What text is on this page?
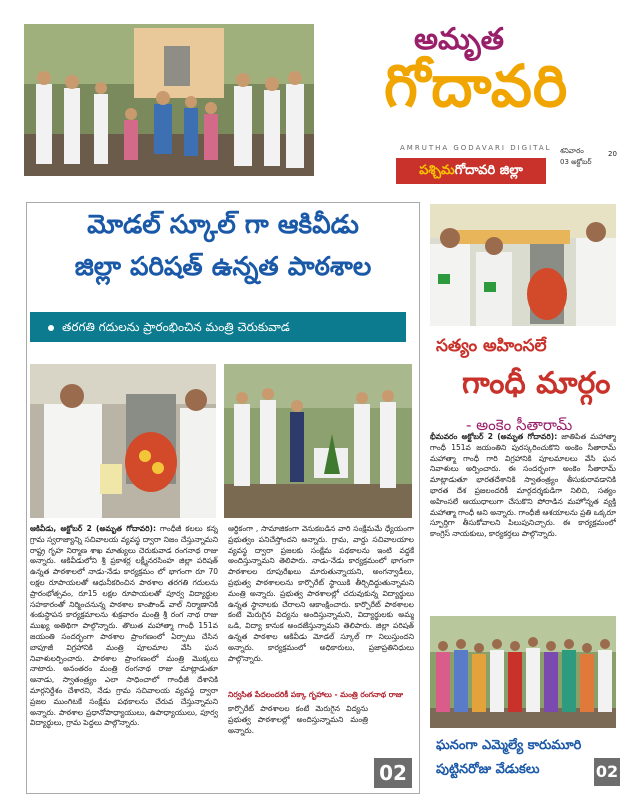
అమృత
గోదావరి
AMRUTHA GODAVARI DIGITAL
పశ్చిమగోదావరి జిల్లా
శనివారం
03 అక్టోబర్
20
మోడల్ స్కూల్ గా ఆకివీడు
జిల్లా పరిషత్ ఉన్నత పాఠశాల
తరగతి గదులను ప్రారంభించిన మంత్రి చెరుకువాడ
ఆకివీడు, అక్టోబర్ 2 (అమృత గోదావరి): గాంధీజీ కలలు కన్న గ్రామ స్వరాజ్యాన్ని సచివాలయ వ్యవస్థ ద్వారా నిజం చేస్తున్నామని రాష్ట్ర గృహ నిర్మాణ శాఖ మాత్యులు చెరుకువాడ రంగనాథ రాజు అన్నారు. ఆకివీడులోని శ్రీ ప్రకాశర్ల లక్ష్మీనరసింహ జిల్లా పరిషత్ ఉన్నత పాఠశాలలో నాడు-నేడు కార్యక్రమం లో భాగంగా రూ 70 లక్షల రూపాయలతో ఆధునీకరించిన పాఠశాల తరగతి గదులను ప్రారంభోత్సవం, రూ15 లక్షల రూపాయలతో పూర్వ విద్యార్థుల సహకారంతో నిర్మించనున్న పాఠశాల కాంపౌండ్ వాల్ నిర్మాణానికి శంకుస్థాపన కార్యక్రమాలను శుక్రవారం మంత్రి శ్రీ రంగ నాథ రాజు ముఖ్య అతిథిగా పాల్గొన్నారు. తొలుత మహాత్మా గాంధీ 151వ జయంతి సందర్భంగా పాఠశాల ప్రాంగణంలో ఏర్పాటు చేసిన బాపూజీ విగ్రహానికి మంత్రి పూలమాల వేసి ఘన నివాళులర్పించారు. పాఠశాల ప్రాంగణంలో మంత్రి మొక్కలు నాటారు. అనంతరం మంత్రి రంగనాథ రాజు మాట్లాడుతూ ఆనాడు, స్వాతంత్ర్యం ఎలా సాధించాలో గాంధీజీ దేశానికి మార్గనిర్దేశం చేశారని, నేడు గ్రామ సచివాలయ వ్యవస్థ ద్వారా ప్రజల ముంగిటకే సంక్షేమ పథకాలను చేరువ చేస్తున్నామని అన్నారు. పాఠశాల ప్రధానోపాధ్యాయులు, ఉపాధ్యాయులు, పూర్వ విద్యార్థులు, గ్రామ పెద్దలు పాల్గొన్నారు.
నిర్వసిత పేదలందరికీ పక్కా గృహాలు - మంత్రి రంగనాథ రాజు
ఆర్థికంగా , సామాజికంగా వెనుకబడిన వారి సంక్షేమమే ధ్యేయంగా ప్రభుత్వం పనిచేస్తోందని అన్నారు. గ్రామ, వార్డు సచివాలయాల వ్యవస్థ ద్వారా ప్రజలకు సంక్షేమ పథకాలను ఇంటి వద్దకే అందిస్తున్నామని తెలిపారు. నాడు-నేడు కార్యక్రమంలో భాగంగా పాఠశాలల రూపురేఖలు మారుతున్నాయని, అంగన్వాడీలు, ప్రభుత్వ పాఠశాలలను కార్పొరేట్ స్థాయికి తీర్చిదిద్దుతున్నామని మంత్రి అన్నారు. ప్రభుత్వ పాఠశాలల్లో చదువుకున్న విద్యార్థులు ఉన్నత స్థానాలకు చేరాలని ఆకాంక్షించారు. కార్పొరేట్ పాఠశాలల కంటే మెరుగైన విద్యను అందిస్తున్నామని, విద్యార్థులకు అమ్మ ఒడి, విద్యా కానుక అందజేస్తున్నామని తెలిపారు. జిల్లా పరిషత్ ఉన్నత పాఠశాల ఆకివీడు మోడల్ స్కూల్ గా నిలుస్తుందని అన్నారు. కార్యక్రమంలో అధికారులు, ప్రజాప్రతినిధులు పాల్గొన్నారు.
కార్పొరేట్ పాఠశాలల కంటే మెరుగైన విద్యను ప్రభుత్వ పాఠశాలల్లో అందిస్తున్నామని మంత్రి అన్నారు.
02
సత్యం అహింసలే
గాంధీ మార్గం
- అంకెం సీతారామ్
భీమవరం అక్టోబర్ 2 (అమృత గోదావరి): జాతిపిత మహాత్మా గాంధీ 151వ జయంతిని పురస్కరించుకొని అంకెం సీతారామ్ మహాత్మా గాంధీ గారి విగ్రహానికి పూలమాలలు వేసి ఘన నివాళులు అర్పించారు. ఈ సందర్భంగా అంకెం సీతారామ్ మాట్లాడుతూ భారతదేశానికి స్వాతంత్ర్యం తీసుకురావడానికి భారత దేశ ప్రజలందరికీ మార్గదర్శకుడిగా నిలిచి, సత్యం అహింసలే ఆయుధాలుగా చేసుకొని పోరాడిన మహోన్నత వ్యక్తి మహాత్మా గాంధీ అని అన్నారు. గాంధీజీ ఆశయాలను ప్రతి ఒక్కరూ స్ఫూర్తిగా తీసుకోవాలని పిలుపునిచ్చారు. ఈ కార్యక్రమంలో కాంగ్రెస్ నాయకులు, కార్యకర్తలు పాల్గొన్నారు.
ఘనంగా ఎమ్మెల్యే కారుమూరి
పుట్టినరోజు వేడుకలు	02
